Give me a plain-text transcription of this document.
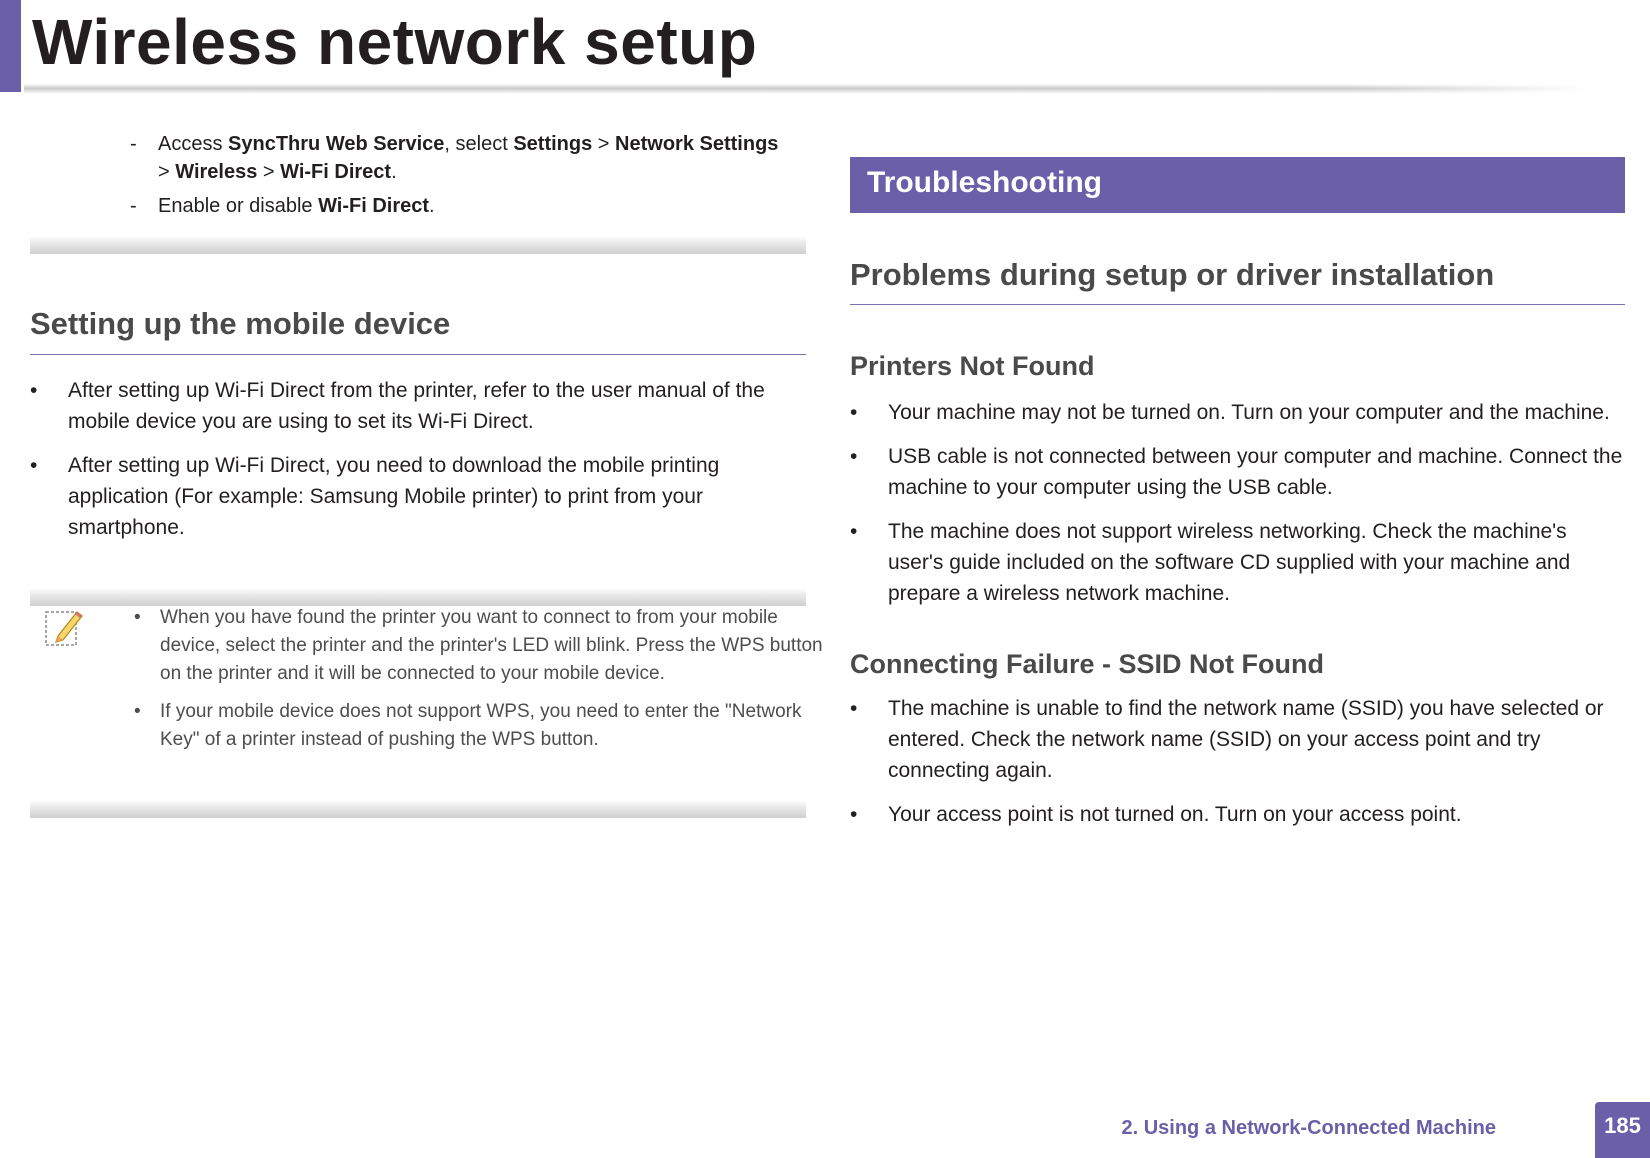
Wireless network setup
- Access SyncThru Web Service, select Settings > Network Settings
> Wireless > Wi-Fi Direct.
- Enable or disable Wi-Fi Direct.
Setting up the mobile device
• After setting up Wi-Fi Direct from the printer, refer to the user manual of the mobile device you are using to set its Wi-Fi Direct.
• After setting up Wi-Fi Direct, you need to download the mobile printing application (For example: Samsung Mobile printer) to print from your smartphone.
• When you have found the printer you want to connect to from your mobile device, select the printer and the printer's LED will blink. Press the WPS button on the printer and it will be connected to your mobile device.
• If your mobile device does not support WPS, you need to enter the "Network Key" of a printer instead of pushing the WPS button.
Troubleshooting
Problems during setup or driver installation
Printers Not Found
• Your machine may not be turned on. Turn on your computer and the machine.
• USB cable is not connected between your computer and machine. Connect the machine to your computer using the USB cable.
• The machine does not support wireless networking. Check the machine's user's guide included on the software CD supplied with your machine and prepare a wireless network machine.
Connecting Failure - SSID Not Found
• The machine is unable to find the network name (SSID) you have selected or entered. Check the network name (SSID) on your access point and try connecting again.
• Your access point is not turned on. Turn on your access point.
2. Using a Network-Connected Machine	185
